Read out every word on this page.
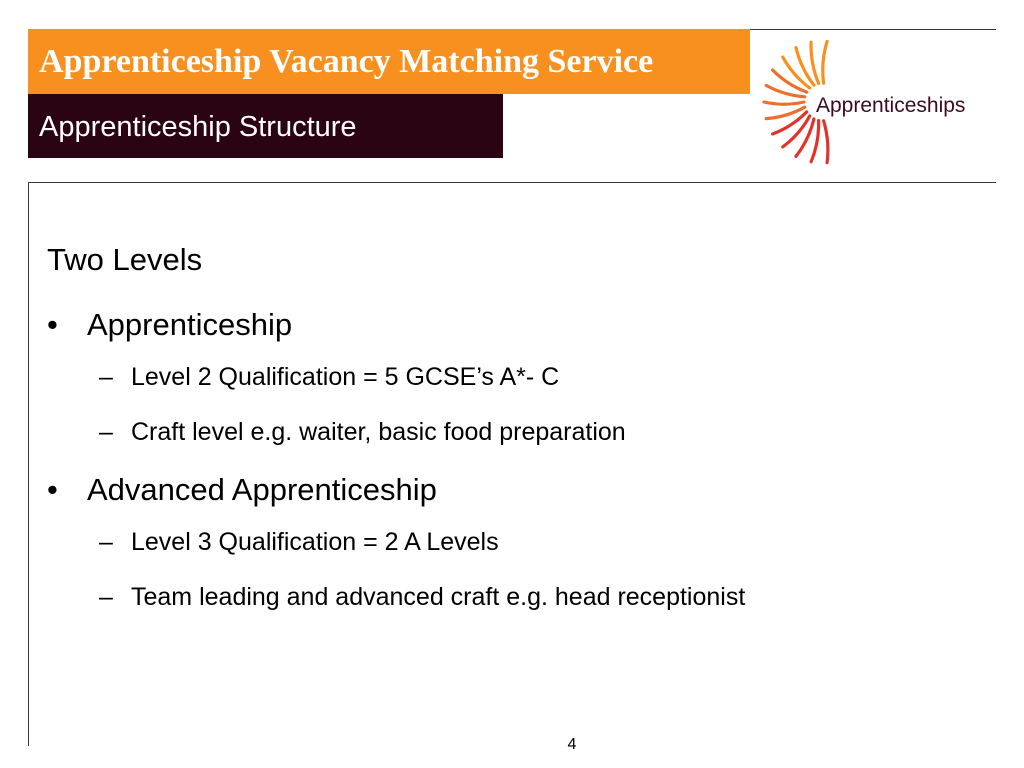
Apprenticeship Vacancy Matching Service
Apprenticeship Structure
Apprenticeships
Two Levels
• Apprenticeship
– Level 2 Qualification = 5 GCSE’s A*- C
– Craft level e.g. waiter, basic food preparation
• Advanced Apprenticeship
– Level 3 Qualification = 2 A Levels
– Team leading and advanced craft e.g. head receptionist
4
